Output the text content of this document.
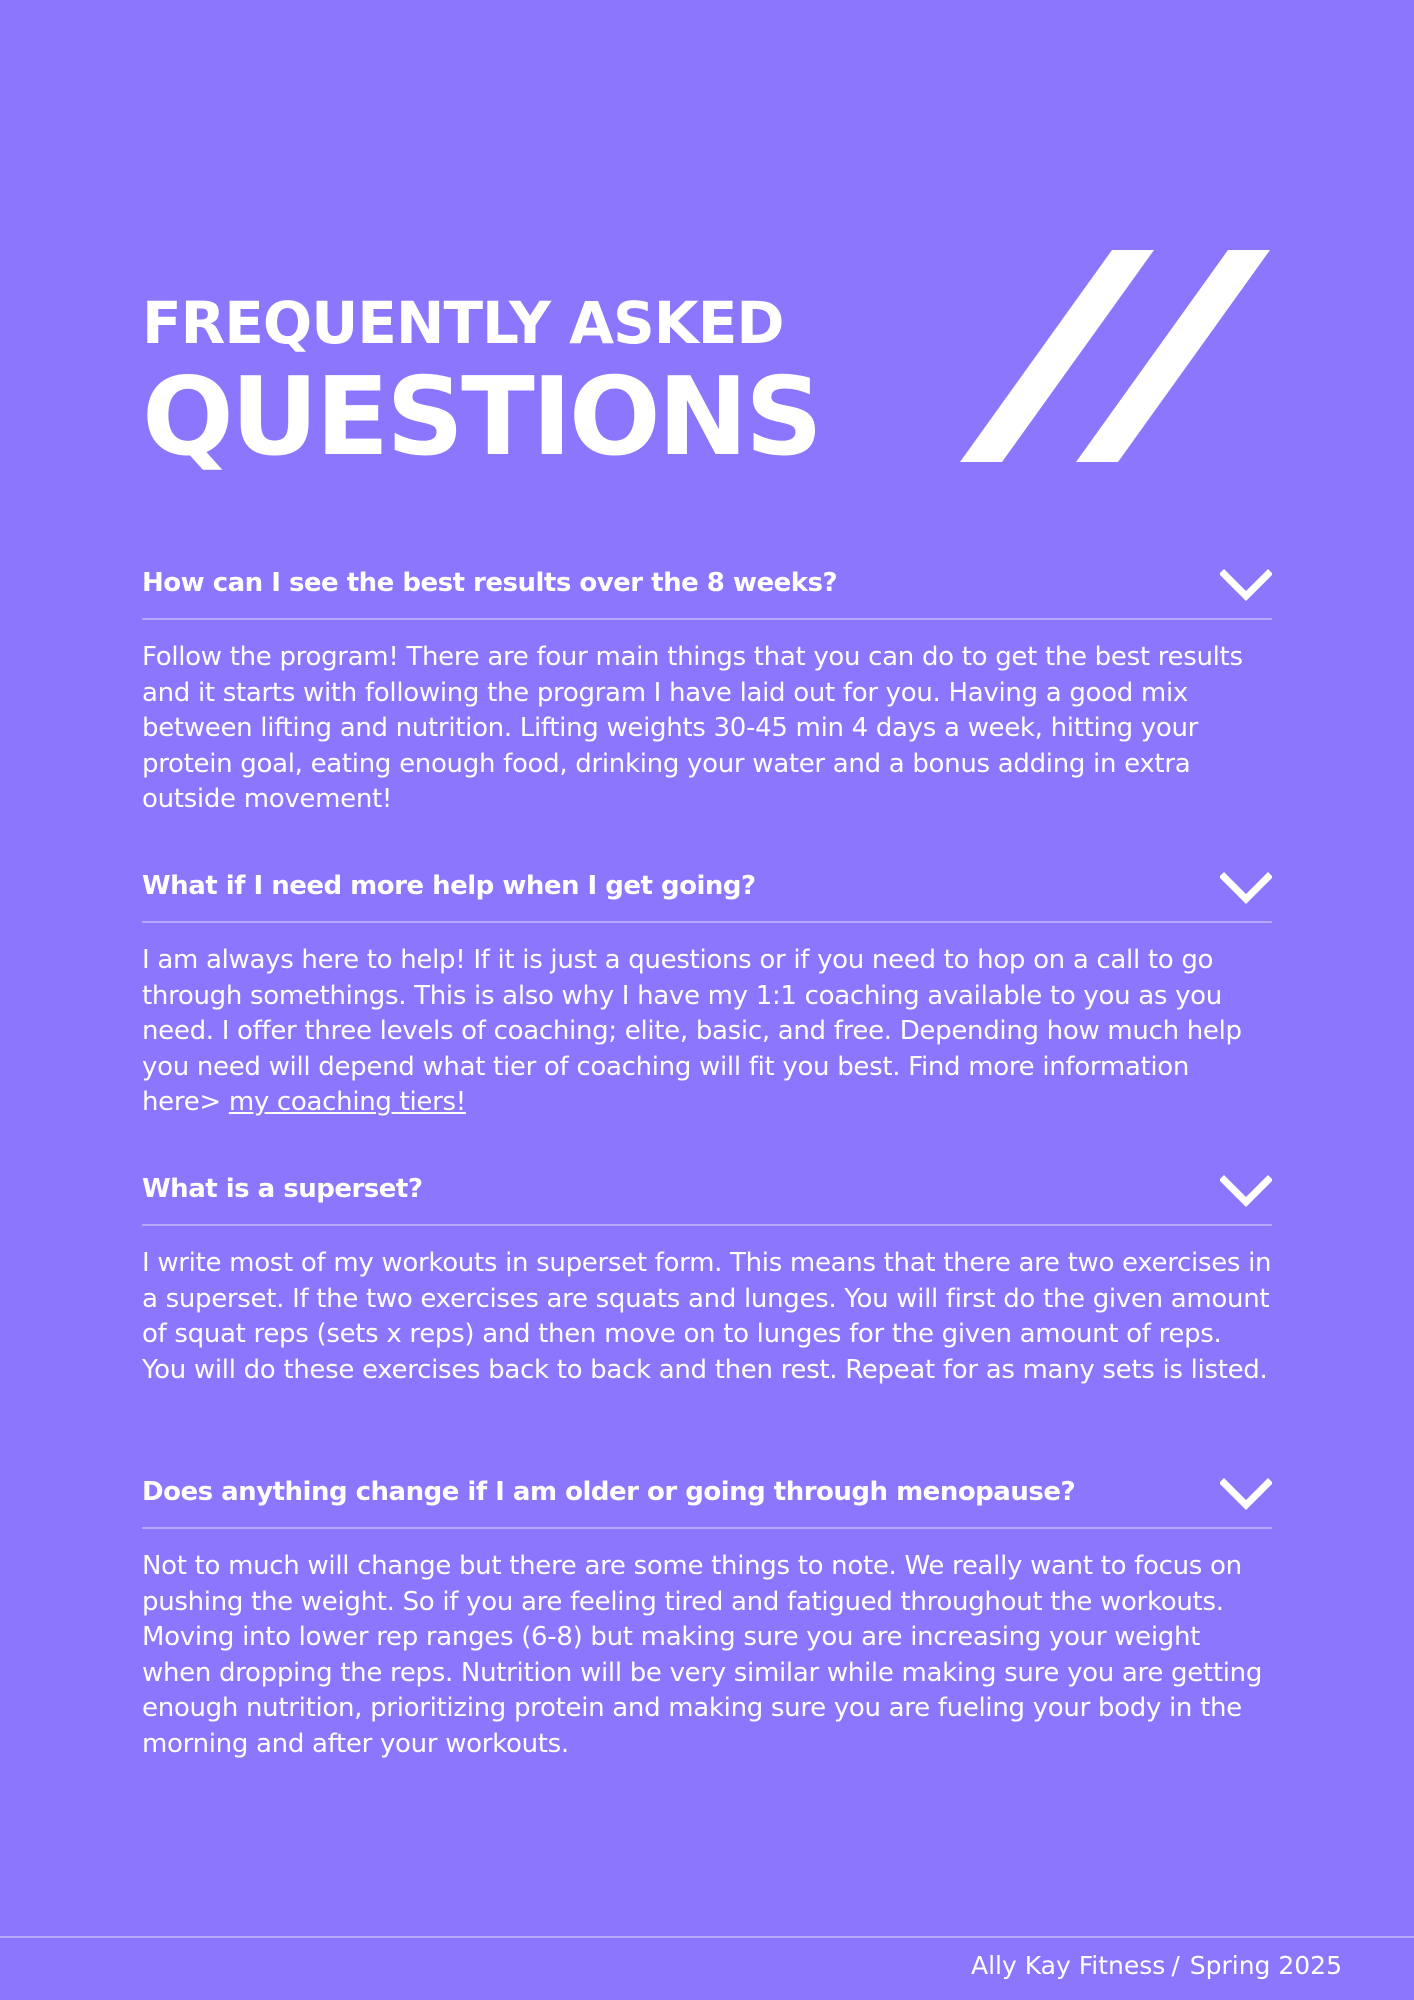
FREQUENTLY ASKED
QUESTIONS
How can I see the best results over the 8 weeks?

Follow the program! There are four main things that you can do to get the best results and it starts with following the program I have laid out for you. Having a good mix between lifting and nutrition. Lifting weights 30-45 min 4 days a week, hitting your protein goal, eating enough food, drinking your water and a bonus adding in extra outside movement!

What if I need more help when I get going?

I am always here to help! If it is just a questions or if you need to hop on a call to go through somethings. This is also why I have my 1:1 coaching available to you as you need. I offer three levels of coaching; elite, basic, and free. Depending how much help you need will depend what tier of coaching will fit you best. Find more information here> my coaching tiers!

What is a superset?

I write most of my workouts in superset form. This means that there are two exercises in a superset. If the two exercises are squats and lunges. You will first do the given amount of squat reps (sets x reps) and then move on to lunges for the given amount of reps. You will do these exercises back to back and then rest. Repeat for as many sets is listed.

Does anything change if I am older or going through menopause?

Not to much will change but there are some things to note. We really want to focus on pushing the weight. So if you are feeling tired and fatigued throughout the workouts. Moving into lower rep ranges (6-8) but making sure you are increasing your weight when dropping the reps. Nutrition will be very similar while making sure you are getting enough nutrition, prioritizing protein and making sure you are fueling your body in the morning and after your workouts.

Ally Kay Fitness / Spring 2025
